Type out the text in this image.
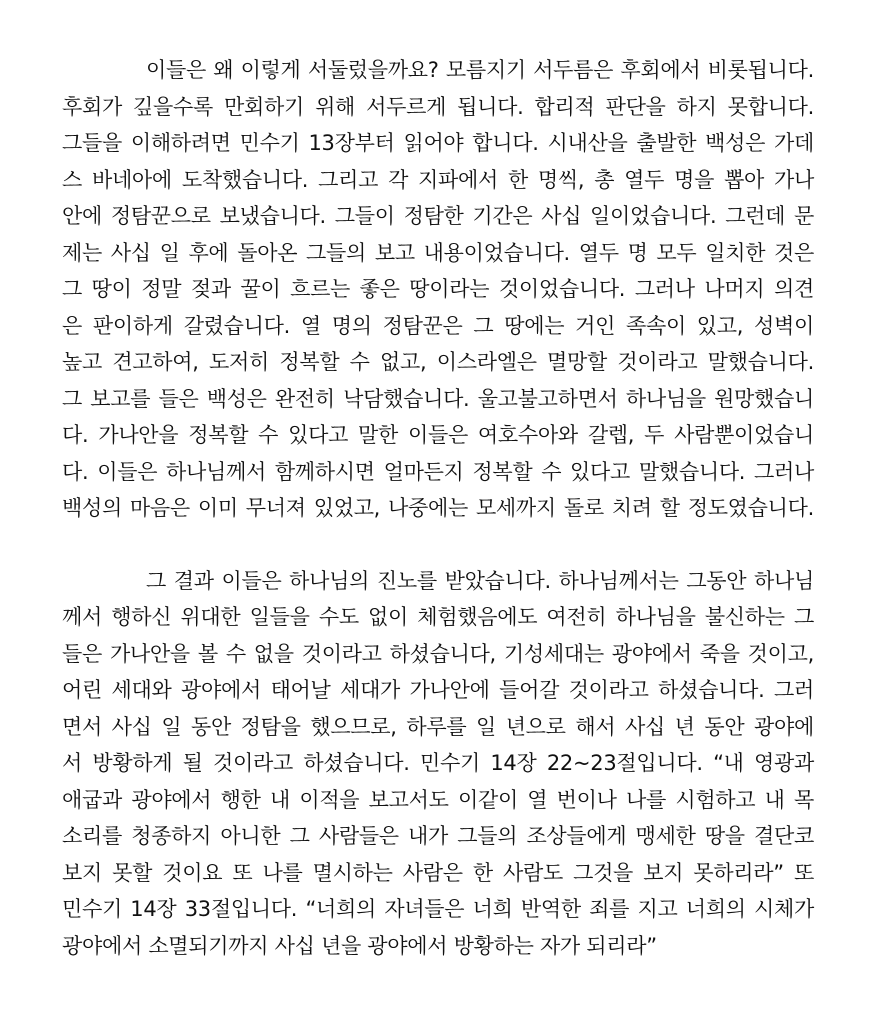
이들은 왜 이렇게 서둘렀을까요? 모름지기 서두름은 후회에서 비롯됩니다.
후회가 깊을수록 만회하기 위해 서두르게 됩니다. 합리적 판단을 하지 못합니다.
그들을 이해하려면 민수기 13장부터 읽어야 합니다. 시내산을 출발한 백성은 가데
스 바네아에 도착했습니다. 그리고 각 지파에서 한 명씩, 총 열두 명을 뽑아 가나
안에 정탐꾼으로 보냈습니다. 그들이 정탐한 기간은 사십 일이었습니다. 그런데 문
제는 사십 일 후에 돌아온 그들의 보고 내용이었습니다. 열두 명 모두 일치한 것은
그 땅이 정말 젖과 꿀이 흐르는 좋은 땅이라는 것이었습니다. 그러나 나머지 의견
은 판이하게 갈렸습니다. 열 명의 정탐꾼은 그 땅에는 거인 족속이 있고, 성벽이
높고 견고하여, 도저히 정복할 수 없고, 이스라엘은 멸망할 것이라고 말했습니다.
그 보고를 들은 백성은 완전히 낙담했습니다. 울고불고하면서 하나님을 원망했습니
다. 가나안을 정복할 수 있다고 말한 이들은 여호수아와 갈렙, 두 사람뿐이었습니
다. 이들은 하나님께서 함께하시면 얼마든지 정복할 수 있다고 말했습니다. 그러나
백성의 마음은 이미 무너져 있었고, 나중에는 모세까지 돌로 치려 할 정도였습니다.

그 결과 이들은 하나님의 진노를 받았습니다. 하나님께서는 그동안 하나님
께서 행하신 위대한 일들을 수도 없이 체험했음에도 여전히 하나님을 불신하는 그
들은 가나안을 볼 수 없을 것이라고 하셨습니다, 기성세대는 광야에서 죽을 것이고,
어린 세대와 광야에서 태어날 세대가 가나안에 들어갈 것이라고 하셨습니다. 그러
면서 사십 일 동안 정탐을 했으므로, 하루를 일 년으로 해서 사십 년 동안 광야에
서 방황하게 될 것이라고 하셨습니다. 민수기 14장 22~23절입니다. “내 영광과
애굽과 광야에서 행한 내 이적을 보고서도 이같이 열 번이나 나를 시험하고 내 목
소리를 청종하지 아니한 그 사람들은 내가 그들의 조상들에게 맹세한 땅을 결단코
보지 못할 것이요 또 나를 멸시하는 사람은 한 사람도 그것을 보지 못하리라” 또
민수기 14장 33절입니다. “너희의 자녀들은 너희 반역한 죄를 지고 너희의 시체가
광야에서 소멸되기까지 사십 년을 광야에서 방황하는 자가 되리라”
